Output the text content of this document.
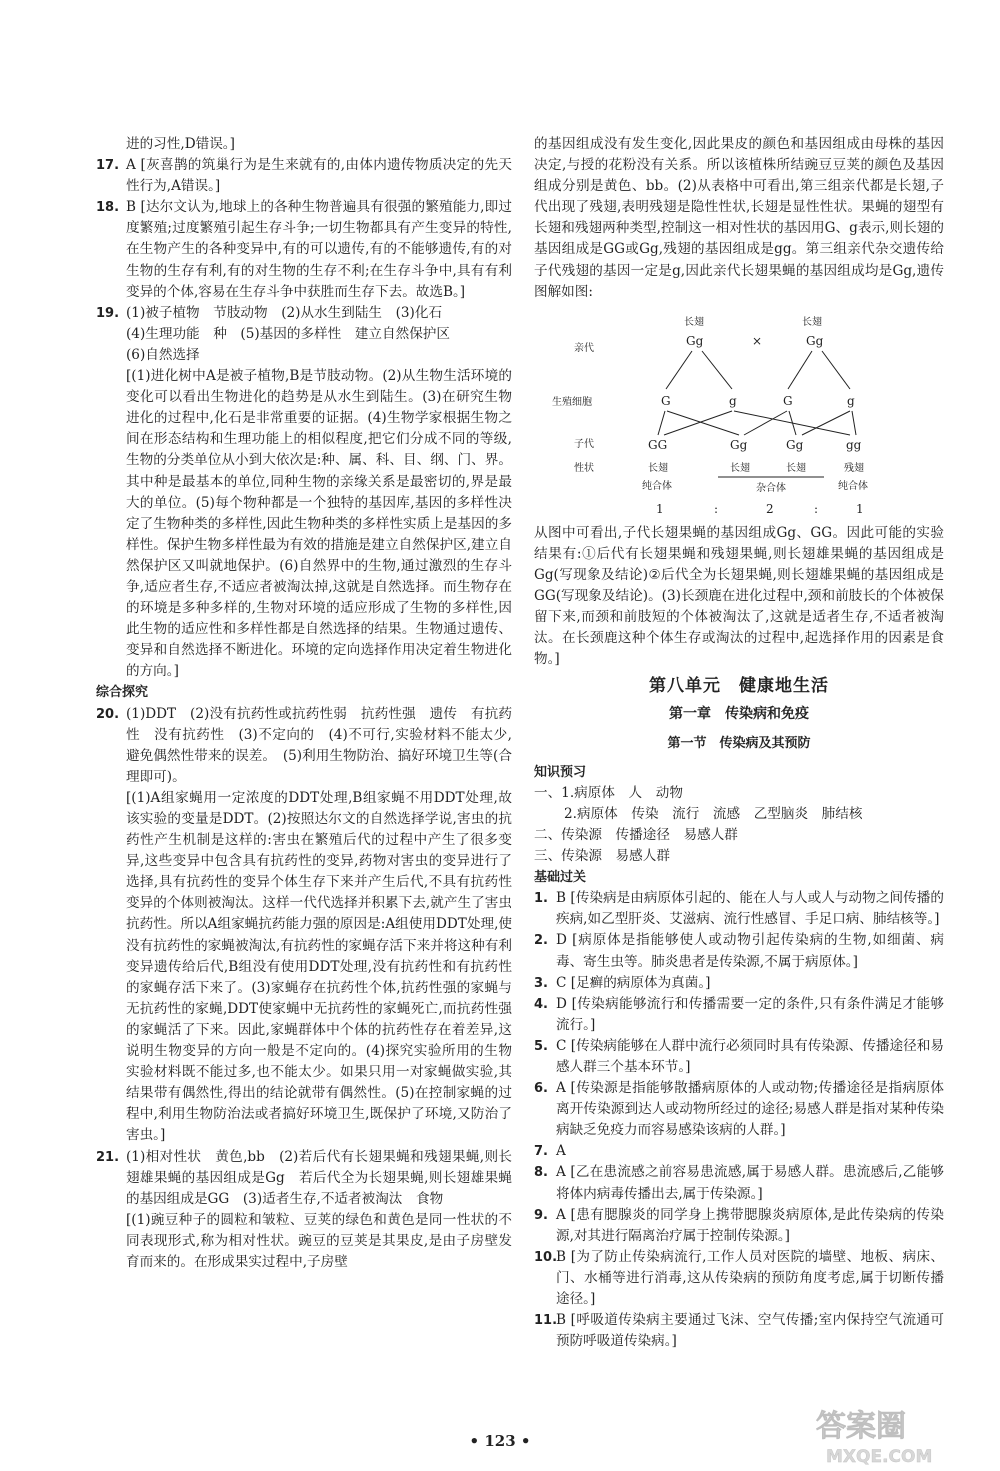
进的习性,D错误。]

17. A [灰喜鹊的筑巢行为是生来就有的,由体内遗传物质决定的先天性行为,A错误。]
18. B [达尔文认为,地球上的各种生物普遍具有很强的繁殖能力,即过度繁殖;过度繁殖引起生存斗争;一切生物都具有产生变异的特性,在生物产生的各种变异中,有的可以遗传,有的不能够遗传,有的对生物的生存有利,有的对生物的生存不利;在生存斗争中,具有有利变异的个体,容易在生存斗争中获胜而生存下去。故选B。]
19. (1)被子植物　节肢动物　(2)从水生到陆生　(3)化石
(4)生理功能　种　(5)基因的多样性　建立自然保护区
(6)自然选择
[(1)进化树中A是被子植物,B是节肢动物。(2)从生物生活环境的变化可以看出生物进化的趋势是从水生到陆生。(3)在研究生物进化的过程中,化石是非常重要的证据。(4)生物学家根据生物之间在形态结构和生理功能上的相似程度,把它们分成不同的等级,生物的分类单位从小到大依次是:种、属、科、目、纲、门、界。其中种是最基本的单位,同种生物的亲缘关系是最密切的,界是最大的单位。(5)每个物种都是一个独特的基因库,基因的多样性决定了生物种类的多样性,因此生物种类的多样性实质上是基因的多样性。保护生物多样性最为有效的措施是建立自然保护区,建立自然保护区又叫就地保护。(6)自然界中的生物,通过激烈的生存斗争,适应者生存,不适应者被淘汰掉,这就是自然选择。而生物存在的环境是多种多样的,生物对环境的适应形成了生物的多样性,因此生物的适应性和多样性都是自然选择的结果。生物通过遗传、变异和自然选择不断进化。环境的定向选择作用决定着生物进化的方向。]

综合探究

20. (1)DDT　(2)没有抗药性或抗药性弱　抗药性强　遗传　有抗药性　没有抗药性　(3)不定向的　(4)不可行,实验材料不能太少,避免偶然性带来的误差。　(5)利用生物防治、搞好环境卫生等(合理即可)。
[(1)A组家蝇用一定浓度的DDT处理,B组家蝇不用DDT处理,故该实验的变量是DDT。(2)按照达尔文的自然选择学说,害虫的抗药性产生机制是这样的:害虫在繁殖后代的过程中产生了很多变异,这些变异中包含具有抗药性的变异,药物对害虫的变异进行了选择,具有抗药性的变异个体生存下来并产生后代,不具有抗药性变异的个体则被淘汰。这样一代代选择并积累下去,就产生了害虫抗药性。所以A组家蝇抗药能力强的原因是:A组使用DDT处理,使没有抗药性的家蝇被淘汰,有抗药性的家蝇存活下来并将这种有利变异遗传给后代,B组没有使用DDT处理,没有抗药性和有抗药性的家蝇存活下来了。(3)家蝇存在抗药性个体,抗药性强的家蝇与无抗药性的家蝇,DDT使家蝇中无抗药性的家蝇死亡,而抗药性强的家蝇活了下来。因此,家蝇群体中个体的抗药性存在着差异,这说明生物变异的方向一般是不定向的。(4)探究实验所用的生物实验材料既不能过多,也不能太少。如果只用一对家蝇做实验,其结果带有偶然性,得出的结论就带有偶然性。(5)在控制家蝇的过程中,利用生物防治法或者搞好环境卫生,既保护了环境,又防治了害虫。]
21. (1)相对性状　黄色,bb　(2)若后代有长翅果蝇和残翅果蝇,则长翅雄果蝇的基因组成是Gg　若后代全为长翅果蝇,则长翅雄果蝇的基因组成是GG　(3)适者生存,不适者被淘汰　食物
[(1)豌豆种子的圆粒和皱粒、豆荚的绿色和黄色是同一性状的不同表现形式,称为相对性状。豌豆的豆荚是其果皮,是由子房壁发育而来的。在形成果实过程中,子房壁

的基因组成没有发生变化,因此果皮的颜色和基因组成由母株的基因决定,与授的花粉没有关系。所以该植株所结豌豆豆荚的颜色及基因组成分别是黄色、bb。(2)从表格中可看出,第三组亲代都是长翅,子代出现了残翅,表明残翅是隐性性状,长翅是显性性状。果蝇的翅型有长翅和残翅两种类型,控制这一相对性状的基因用G、g表示,则长翅的基因组成是GG或Gg,残翅的基因组成是gg。第三组亲代杂交遗传给子代残翅的基因一定是g,因此亲代长翅果蝇的基因组成均是Gg,遗传图解如图:

亲代
长翅
Gg	×
长翅
Gg
生殖细胞	G	g	G	g
子代	GG	Gg	Gg	gg
性状	长翅	长翅	长翅	残翅
纯合体	杂合体	纯合体
1	:	2	:	1

从图中可看出,子代长翅果蝇的基因组成Gg、GG。因此可能的实验结果有:①后代有长翅果蝇和残翅果蝇,则长翅雄果蝇的基因组成是Gg(写现象及结论)②后代全为长翅果蝇,则长翅雄果蝇的基因组成是GG(写现象及结论)。(3)长颈鹿在进化过程中,颈和前肢长的个体被保留下来,而颈和前肢短的个体被淘汰了,这就是适者生存,不适者被淘汰。在长颈鹿这种个体生存或淘汰的过程中,起选择作用的因素是食物。]

第八单元　健康地生活
第一章　传染病和免疫
第一节　传染病及其预防

知识预习

一、1.病原体　人　动物

2.病原体　传染　流行　流感　乙型脑炎　肺结核

二、传染源　传播途径　易感人群

三、传染源　易感人群

基础过关

1. B [传染病是由病原体引起的、能在人与人或人与动物之间传播的疾病,如乙型肝炎、艾滋病、流行性感冒、手足口病、肺结核等。]
2. D [病原体是指能够使人或动物引起传染病的生物,如细菌、病毒、寄生虫等。肺炎患者是传染源,不属于病原体。]
3. C [足癣的病原体为真菌。]
4. D [传染病能够流行和传播需要一定的条件,只有条件满足才能够流行。]
5. C [传染病能够在人群中流行必须同时具有传染源、传播途径和易感人群三个基本环节。]
6. A [传染源是指能够散播病原体的人或动物;传播途径是指病原体离开传染源到达人或动物所经过的途径;易感人群是指对某种传染病缺乏免疫力而容易感染该病的人群。]
7. A
8. A [乙在患流感之前容易患流感,属于易感人群。患流感后,乙能够将体内病毒传播出去,属于传染源。]
9. A [患有腮腺炎的同学身上携带腮腺炎病原体,是此传染病的传染源,对其进行隔离治疗属于控制传染源。]
10.
B [为了防止传染病流行,工作人员对医院的墙壁、地板、病床、门、水桶等进行消毒,这从传染病的预防角度考虑,属于切断传播途径。]
11.
B [呼吸道传染病主要通过飞沫、空气传播;室内保持空气流通可预防呼吸道传染病。]
• 123 •	答案圈
MXQE.COM
